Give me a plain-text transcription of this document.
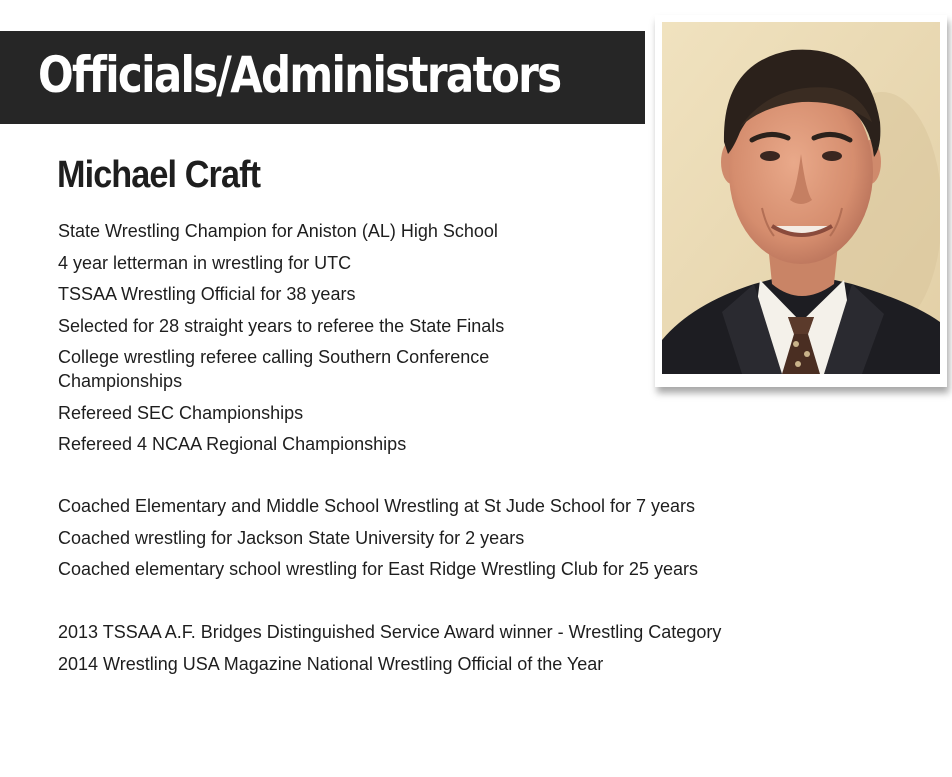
Officials/Administrators
Michael Craft
State Wrestling Champion for Aniston (AL) High School
4 year letterman in wrestling for UTC
TSSAA Wrestling Official for 38 years
Selected for 28 straight years to referee the State Finals
College wrestling referee calling Southern Conference Championships
Refereed SEC Championships
Refereed 4 NCAA Regional Championships
Coached Elementary and Middle School Wrestling at St Jude School for 7 years
Coached wrestling for Jackson State University for 2 years
Coached elementary school wrestling for East Ridge Wrestling Club for 25 years
2013 TSSAA A.F. Bridges Distinguished Service Award winner - Wrestling Category
2014 Wrestling USA Magazine National Wrestling Official of the Year
